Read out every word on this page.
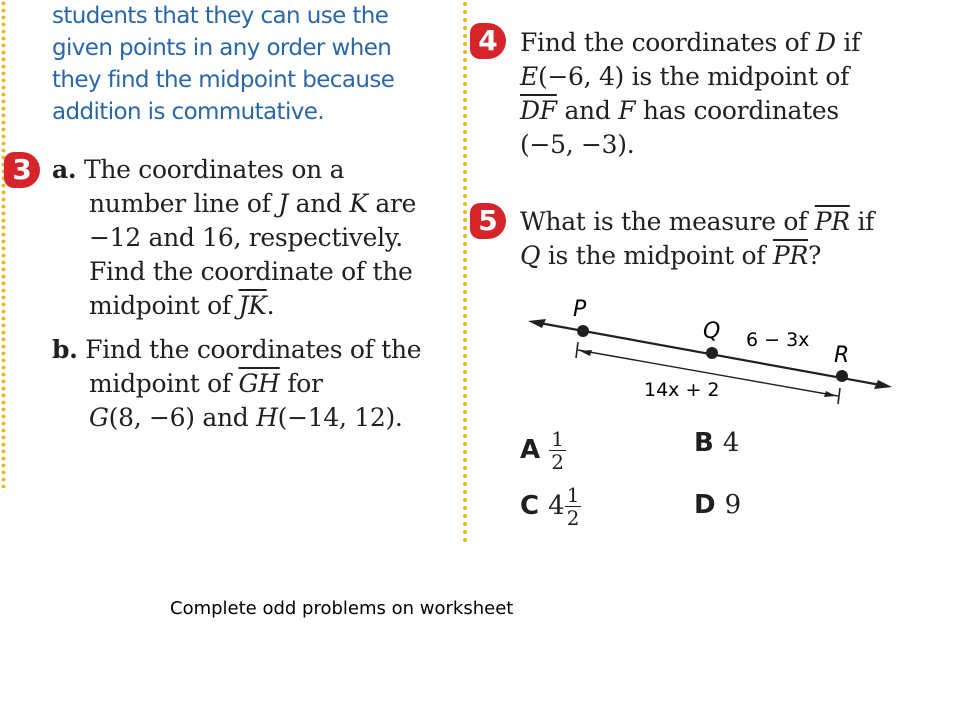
students that they can use the
given points in any order when
they find the midpoint because
addition is commutative.
3 a. The coordinates on a
number line of J and K are
−12 and 16, respectively.
Find the coordinate of the
midpoint of $\overline{JK}$.
b. Find the coordinates of the
midpoint of $\overline{GH}$ for
G(8, −6) and H(−14, 12).
4 Find the coordinates of D if
E(−6, 4) is the midpoint of
$\overline{DF}$ and F has coordinates
(−5, −3).
5 What is the measure of $\overline{PR}$ if
Q is the midpoint of $\overline{PR}$?
P
Q
R
6 − 3x
14x + 2
A $\frac{1}{2}$	B 4
C $4 \frac{1}{2}$	D 9
Complete odd problems on worksheet
